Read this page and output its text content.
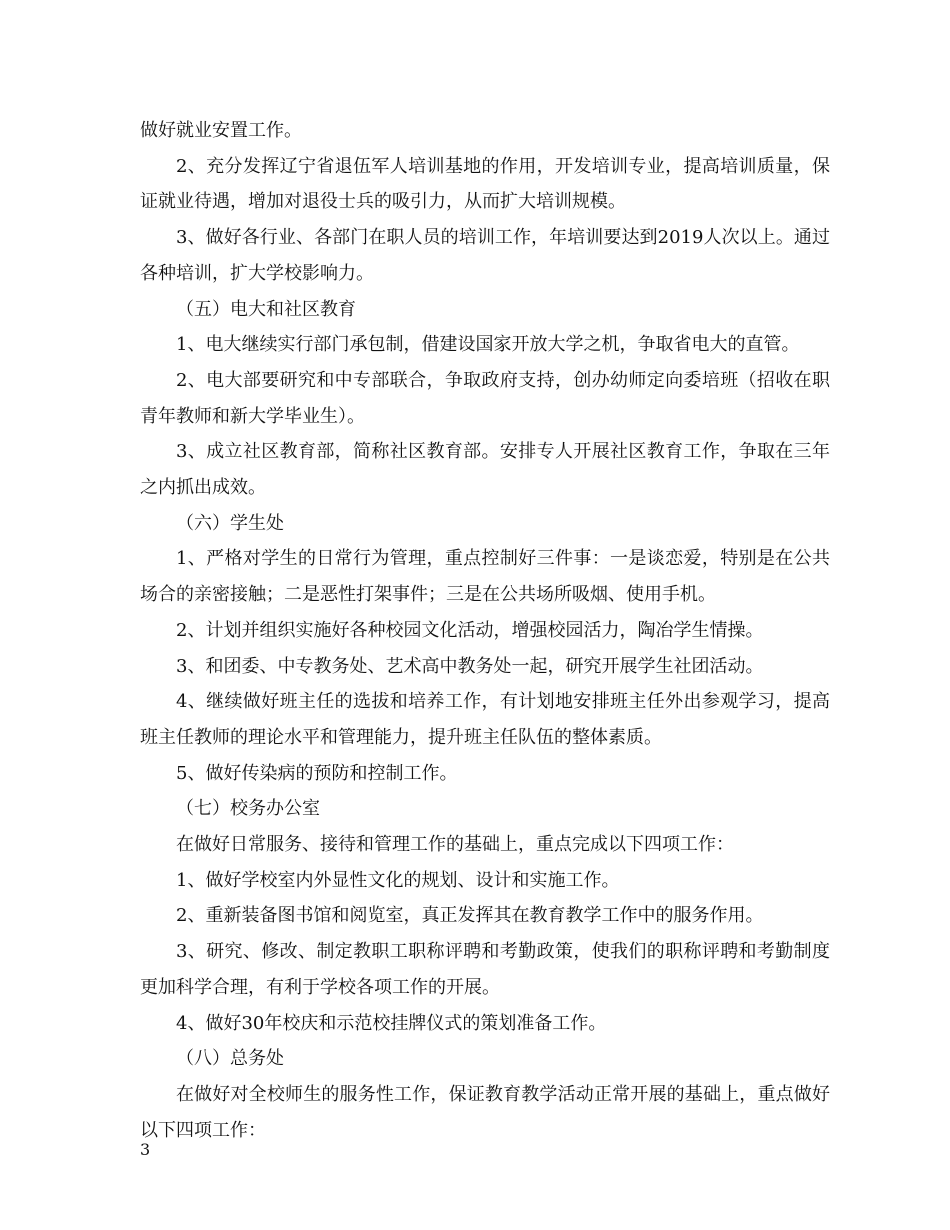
做好就业安置工作。

2、充分发挥辽宁省退伍军人培训基地的作用，开发培训专业，提高培训质量，保证就业待遇，增加对退役士兵的吸引力，从而扩大培训规模。

3、做好各行业、各部门在职人员的培训工作，年培训要达到2019人次以上。通过各种培训，扩大学校影响力。

（五）电大和社区教育

1、电大继续实行部门承包制，借建设国家开放大学之机，争取省电大的直管。

2、电大部要研究和中专部联合，争取政府支持，创办幼师定向委培班（招收在职青年教师和新大学毕业生）。

3、成立社区教育部，简称社区教育部。安排专人开展社区教育工作，争取在三年之内抓出成效。

（六）学生处

1、严格对学生的日常行为管理，重点控制好三件事：一是谈恋爱，特别是在公共场合的亲密接触；二是恶性打架事件；三是在公共场所吸烟、使用手机。

2、计划并组织实施好各种校园文化活动，增强校园活力，陶冶学生情操。

3、和团委、中专教务处、艺术高中教务处一起，研究开展学生社团活动。

4、继续做好班主任的选拔和培养工作，有计划地安排班主任外出参观学习，提高班主任教师的理论水平和管理能力，提升班主任队伍的整体素质。

5、做好传染病的预防和控制工作。

（七）校务办公室

在做好日常服务、接待和管理工作的基础上，重点完成以下四项工作：

1、做好学校室内外显性文化的规划、设计和实施工作。

2、重新装备图书馆和阅览室，真正发挥其在教育教学工作中的服务作用。

3、研究、修改、制定教职工职称评聘和考勤政策，使我们的职称评聘和考勤制度更加科学合理，有利于学校各项工作的开展。

4、做好30年校庆和示范校挂牌仪式的策划准备工作。

（八）总务处

在做好对全校师生的服务性工作，保证教育教学活动正常开展的基础上，重点做好以下四项工作：

3
